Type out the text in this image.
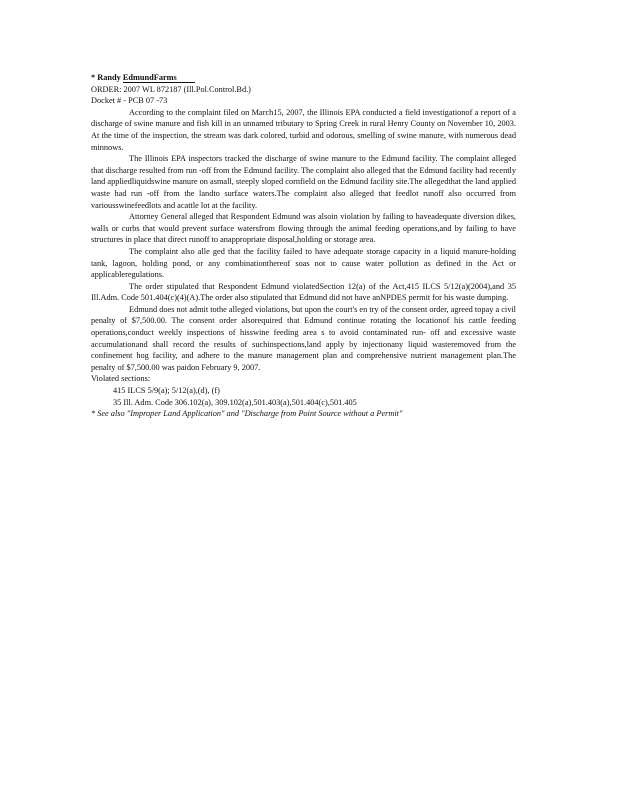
* Randy EdmundFarms
ORDER: 2007 WL 872187 (Ill.Pol.Control.Bd.)
Docket # - PCB 07 -73

According to the complaint filed on March15, 2007, the Illinois EPA conducted a field investigationof a report of a discharge of swine manure and fish kill in an unnamed tributary to Spring Creek in rural Henry County on November 10, 2003. At the time of the inspection, the stream was dark colored, turbid and odorous, smelling of swine manure, with numerous dead minnows.

The Illinois EPA inspectors tracked the discharge of swine manure to the Edmund facility. The complaint alleged that discharge resulted from run -off from the Edmund facility. The complaint also alleged that the Edmund facility had recently land appliedliquidswine manure on asmall, steeply sloped cornfield on the Edmund facility site.The allegedthat the land applied waste had run -off from the landto surface waters.The complaint also alleged that feedlot runoff also occurred from variousswinefeedlots and acattle lot at the facility.

Attorney General alleged that Respondent Edmund was alsoin violation by failing to haveadequate diversion dikes, walls or curbs that would prevent surface watersfrom flowing through the animal feeding operations,and by failing to have structures in place that direct runoff to anappropriate disposal,holding or storage area.

The complaint also alle ged that the facility failed to have adequate storage capacity in a liquid manure-holding tank, lagoon, holding pond, or any combinationthereof soas not to cause water pollution as defined in the Act or applicableregulations.

The order stipulated that Respondent Edmund violatedSection 12(a) of the Act,415 ILCS 5/12(a)(2004),and 35 Ill.Adm. Code 501.404(c)(4)(A).The order also stipulated that Edmund did not have anNPDES permit for his waste dumping.

Edmund does not admit tothe alleged violations, but upon the court's en try of the consent order, agreed topay a civil penalty of $7,500.00. The consent order alsorequired that Edmund continue rotating the locationof his cattle feeding operations,conduct weekly inspections of hisswine feeding area s to avoid contaminated run- off and excessive waste accumulationand shall record the results of suchinspections,land apply by injectionany liquid wasteremoved from the confinement hog facility, and adhere to the manure management plan and comprehensive nutrient management plan.The penalty of $7,500.00 was paidon February 9, 2007.

Violated sections:
415 ILCS 5/9(a); 5/12(a),(d), (f)
35 Ill. Adm. Code 306.102(a), 309.102(a),501.403(a),501.404(c),501.405

* See also "Improper Land Application" and "Discharge from Point Source without a Permit"
